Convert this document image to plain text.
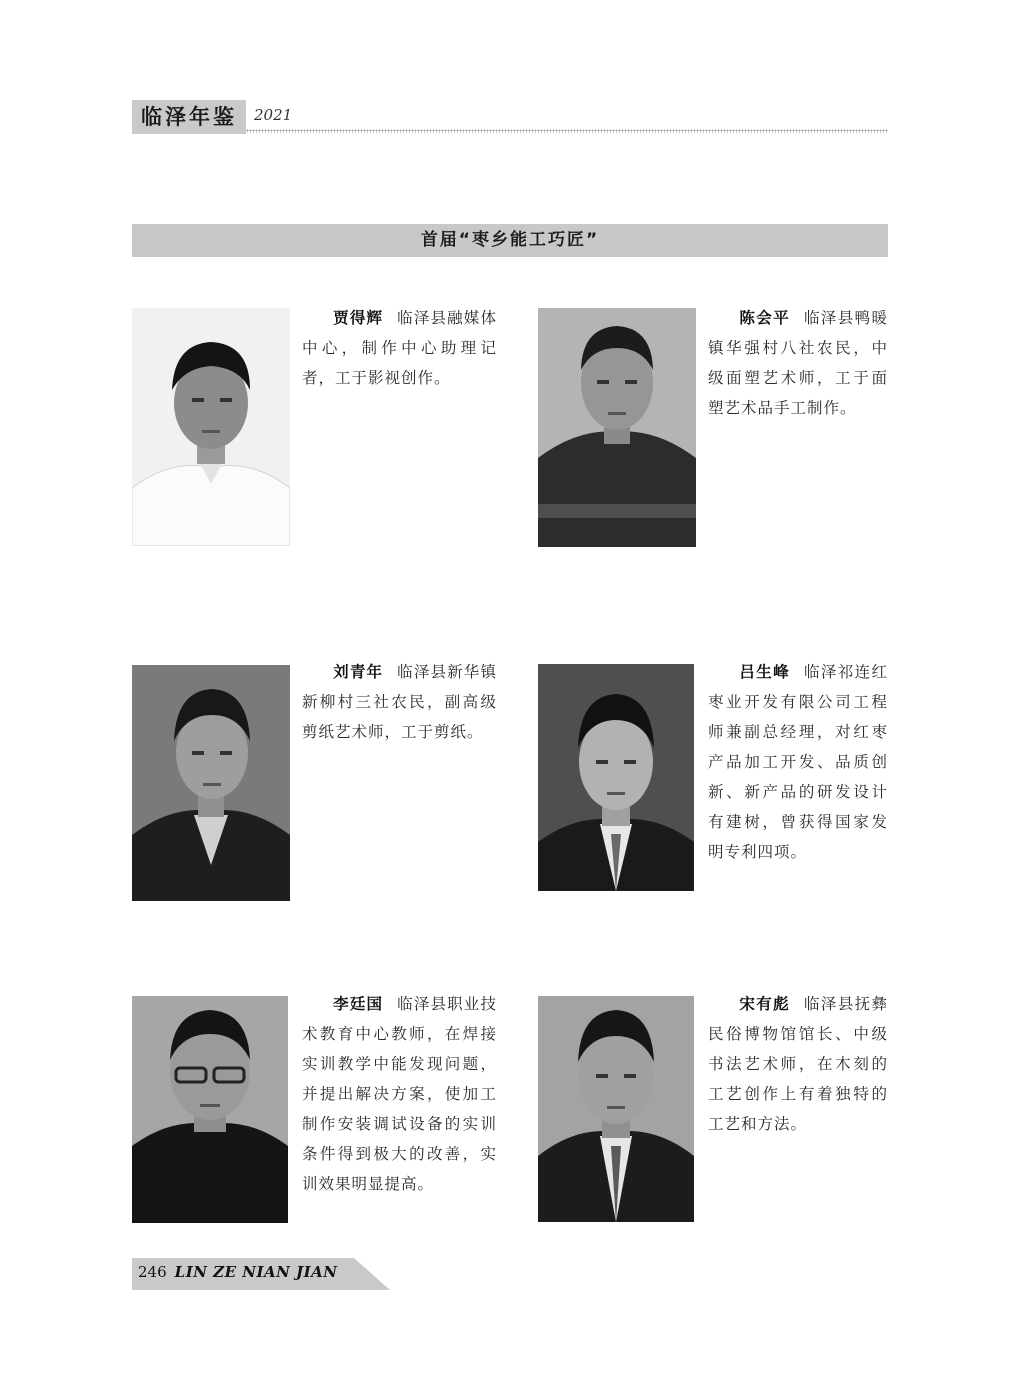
临泽年鉴	2021
首届“枣乡能工巧匠”

贾得辉 临泽县融媒体中心，制作中心助理记者，工于影视创作。

陈会平 临泽县鸭暖镇华强村八社农民，中级面塑艺术师，工于面塑艺术品手工制作。

刘青年 临泽县新华镇新柳村三社农民，副高级剪纸艺术师，工于剪纸。

吕生峰 临泽祁连红枣业开发有限公司工程师兼副总经理，对红枣产品加工开发、品质创新、新产品的研发设计有建树，曾获得国家发明专利四项。

李廷国 临泽县职业技术教育中心教师，在焊接实训教学中能发现问题，并提出解决方案，使加工制作安装调试设备的实训条件得到极大的改善，实训效果明显提高。

宋有彪 临泽县抚彝民俗博物馆馆长、中级书法艺术师，在木刻的工艺创作上有着独特的工艺和方法。

246 LIN ZE NIAN JIAN
